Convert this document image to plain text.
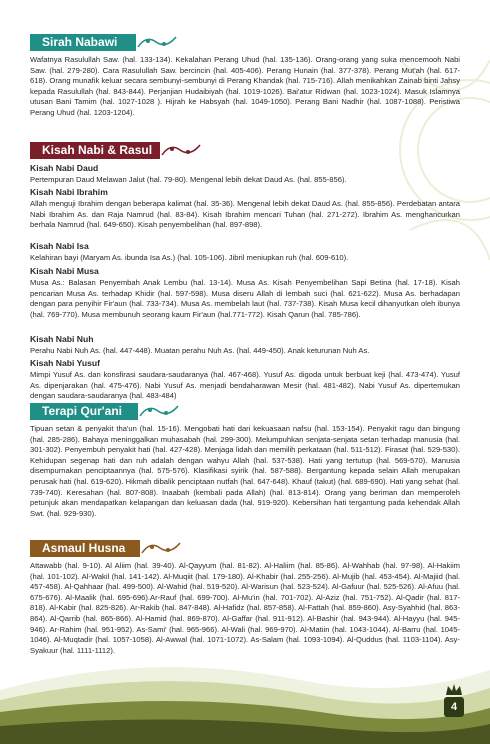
Sirah Nabawi

Wafatnya Rasulullah Saw. (hal. 133-134). Kekalahan Perang Uhud (hal. 135-136). Orang-orang yang suka mencemooh Nabi Saw. (hal. 279-280). Cara Rasulullah Saw. bercincin (hal. 405-406). Perang Hunain (hal. 377-378). Perang Mut'ah (hal. 617-618). Orang munafik keluar secara sembunyi-sembunyi di Perang Khandak (hal. 715-716). Allah menikahkan Zainab binti Jahsy kepada Rasulullah (hal. 843-844). Perjanjian Hudaibiyah (hal. 1019-1026). Bai'atur Ridwan (hal. 1023-1024). Masuk Islamnya utusan Bani Tamim (hal. 1027-1028 ). Hijrah ke Habsyah (hal. 1049-1050). Perang Bani Nadhir (hal. 1087-1088). Peristiwa Perang Uhud (hal. 1203-1204).

Kisah Nabi & Rasul
Kisah Nabi Daud

Pertempuran Daud Melawan Jalut (hal. 79-80). Mengenal lebih dekat Daud As. (hal. 855-856).

Kisah Nabi Ibrahim

Allah menguji Ibrahim dengan beberapa kalimat (hal. 35-36). Mengenal lebih dekat Daud As. (hal. 855-856). Perdebatan antara Nabi Ibrahim As. dan Raja Namrud (hal. 83-84). Kisah Ibrahim mencari Tuhan (hal. 271-272). Ibrahim As. menghancurkan berhala Namrud (hal. 649-650). Kisah penyembelihan (hal. 897-898).

Kisah Nabi Isa

Kelahiran bayi (Maryam As. ibunda Isa As.) (hal. 105-106). Jibril meniupkan ruh (hal. 609-610).

Kisah Nabi Musa

Musa As.: Balasan Penyembah Anak Lembu (hal. 13-14). Musa As. Kisah Penyembelihan Sapi Betina (hal. 17-18). Kisah pencarian Musa As. terhadap Khidir (hal. 597-598). Musa diseru Allah di lembah suci (hal. 621-622). Musa As. berhadapan dengan para penyihir Fir'aun (hal. 733-734). Musa As. membelah laut (hal. 737-738). Kisah Musa kecil dihanyutkan oleh ibunya (hal. 769-770). Musa membunuh seorang kaum Fir'aun (hal.771-772). Kisah Qarun (hal. 785-786).

Kisah Nabi Nuh

Perahu Nabi Nuh As. (hal. 447-448). Muatan perahu Nuh As. (hal. 449-450). Anak keturunan Nuh As.

Kisah Nabi Yusuf

Mimpi Yusuf As. dan konsfirasi saudara-saudaranya (hal. 467-468). Yusuf As. digoda untuk berbuat keji (hal. 473-474). Yusuf As. dipenjarakan (hal. 475-476). Nabi Yusuf As. menjadi bendaharawan Mesir (hal. 481-482). Nabi Yusuf As. dipertemukan dengan saudara-saudaranya (hal. 483-484)

Terapi Qur'ani

Tipuan setan & penyakit tha'un (hal. 15-16). Mengobati hati dari kekuasaan nafsu (hal. 153-154). Penyakit ragu dan bingung (hal. 285-286). Bahaya meninggalkan muhasabah (hal. 299-300). Melumpuhkan senjata-senjata setan terhadap manusia (hal. 301-302). Penyembuh penyakit hati (hal. 427-428). Menjaga lidah dan memilih perkataan (hal. 511-512). Firasat (hal. 529-530). Kehidupan segenap hati dan ruh adalah dengan wahyu Allah (hal. 537-538). Hati yang tertutup (hal. 569-570). Manusia disempurnakan penciptaannya (hal. 575-576). Klasifikasi syirik (hal. 587-588). Bergantung kepada selain Allah merupakan perusak hati (hal. 619-620). Hikmah dibalik penciptaan nutfah (hal. 647-648). Khauf (takut) (hal. 689-690). Hati yang sehat (hal. 739-740). Keresahan (hal. 807-808). Inaabah (kembali pada Allah) (hal. 813-814). Orang yang beriman dan memperoleh petunjuk akan mendapatkan kelapangan dan keluasan dada (hal. 919-920). Kebersihan hati tergantung pada kehendak Allah Swt. (hal. 929-930).

Asmaul Husna

Attawabb (hal. 9-10). Al Aliim (hal. 39-40). Al-Qayyum (hal. 81-82). Al-Haliim (hal. 85-86). Al-Wahhab (hal. 97-98). Al-Hakiim (hal. 101-102). Al-Wakil (hal. 141-142). Al-Muqiit (hal. 179-180). Al-Khabir (hal. 255-256). Al-Mujib (hal. 453-454). Al-Majiid (hal. 457-458). Al-Qahhaar (hal. 499-500). Al-Wahid (hal. 519-520). Al-Warisun (hal. 523-524). Al-Gafuur (hal. 525-526). Al-Afuu (hal. 675-676). Al-Maalik (hal. 695-696).Ar-Rauf (hal. 699-700). Al-Mu'in (hal. 701-702). Al-Aziz (hal. 751-752). Al-Qadir (hal. 817-818). Al-Kabir (hal. 825-826). Ar-Rakib (hal. 847-848). Al-Hafidz (hal. 857-858). Al-Fattah (hal. 859-860). Asy-Syahhid (hal. 863-864). Al-Qarrib (hal. 865-866). Al-Hamid (hal. 869-870). Al-Gaffar (hal. 911-912). Al-Bashir (hal. 943-944). Al-Hayyu (hal. 945-946). Ar-Rahim (hal. 951-952). As-Sami' (hal. 965-966). Al-Wali (hal. 969-970). Al-Matiin (hal. 1043-1044). Al-Barru (hal. 1045-1046). Al-Muqtadir (hal. 1057-1058). Al-Awwal (hal. 1071-1072). As-Salam (hal. 1093-1094). Al-Quddus (hal. 1103-1104). Asy-Syakuur (hal. 1111-1112).

4
